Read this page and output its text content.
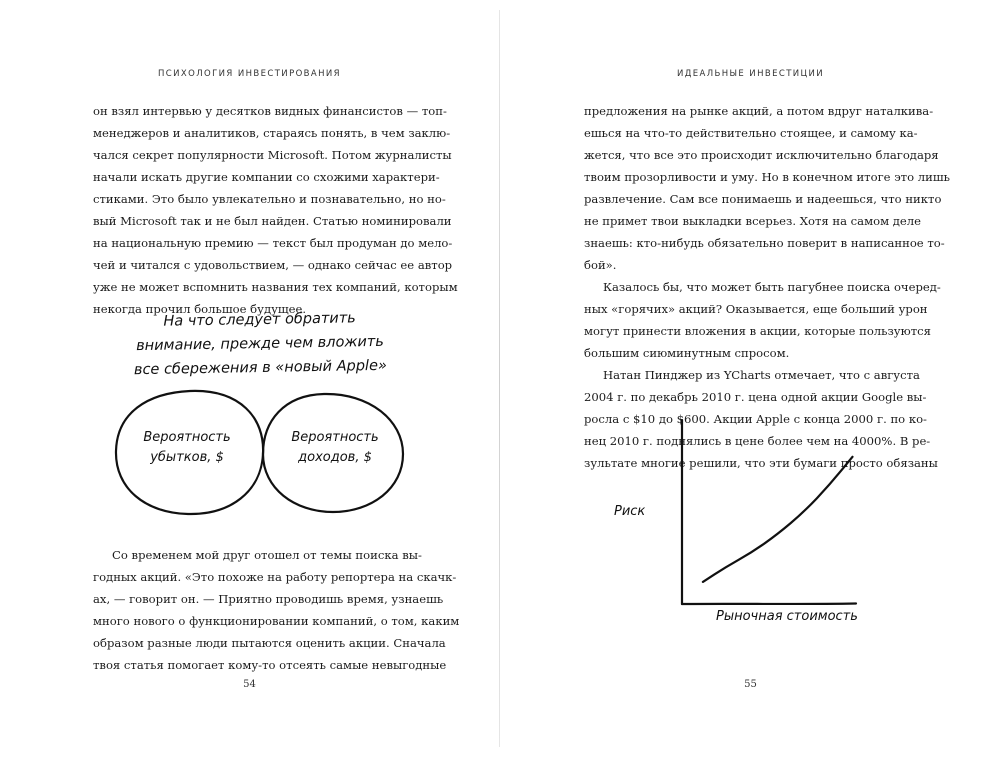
ПСИХОЛОГИЯ ИНВЕСТИРОВАНИЯ
он взял интервью у десятков видных финансистов — топ-
менеджеров и аналитиков, стараясь понять, в чем заклю-
чался секрет популярности Microsoft. Потом журналисты
начали искать другие компании со схожими характери-
стиками. Это было увлекательно и познавательно, но но-
вый Microsoft так и не был найден. Статью номинировали
на национальную премию — текст был продуман до мело-
чей и читался с удовольствием, — однако сейчас ее автор
уже не может вспомнить названия тех компаний, которым
некогда прочил большое будущее.
На что следует обратить
внимание, прежде чем вложить
все сбережения в «новый Apple»
Вероятность
убытков, $
Вероятность
доходов, $
Со временем мой друг отошел от темы поиска вы-
годных акций. «Это похоже на работу репортера на скачк-
ах, — говорит он. — Приятно проводишь время, узнаешь
много нового о функционировании компаний, о том, каким
образом разные люди пытаются оценить акции. Сначала
твоя статья помогает кому-то отсеять самые невыгодные
54
ИДЕАЛЬНЫЕ ИНВЕСТИЦИИ
предложения на рынке акций, а потом вдруг наталкива-
ешься на что-то действительно стоящее, и самому ка-
жется, что все это происходит исключительно благодаря
твоим прозорливости и уму. Но в конечном итоге это лишь
развлечение. Сам все понимаешь и надеешься, что никто
не примет твои выкладки всерьез. Хотя на самом деле
знаешь: кто-нибудь обязательно поверит в написанное то-
бой».
Казалось бы, что может быть пагубнее поиска очеред-
ных «горячих» акций? Оказывается, еще больший урон
могут принести вложения в акции, которые пользуются
большим сиюминутным спросом.
Натан Пинджер из YCharts отмечает, что с августа
2004 г. по декабрь 2010 г. цена одной акции Google вы-
росла с $10 до $600. Акции Apple с конца 2000 г. по ко-
нец 2010 г. поднялись в цене более чем на 4000%. В ре-
зультате многие решили, что эти бумаги просто обязаны
55
Риск
Рыночная стоимость
